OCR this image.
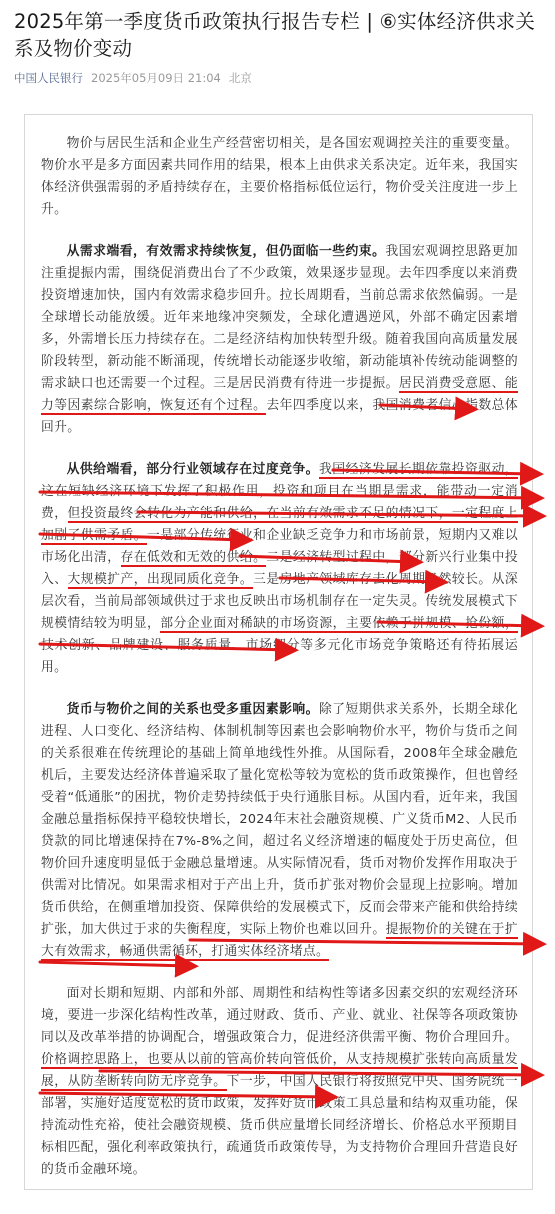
2025年第一季度货币政策执行报告专栏 | ⑥实体经济供求关系及物价变动
中国人民银行 2025年05月09日 21:04 北京

物价与居民生活和企业生产经营密切相关，是各国宏观调控关注的重要变量。物价水平是多方面因素共同作用的结果，根本上由供求关系决定。近年来，我国实体经济供强需弱的矛盾持续存在，主要价格指标低位运行，物价受关注度进一步上升。

从需求端看，有效需求持续恢复，但仍面临一些约束。我国宏观调控思路更加注重提振内需，围绕促消费出台了不少政策，效果逐步显现。去年四季度以来消费投资增速加快，国内有效需求稳步回升。拉长周期看，当前总需求依然偏弱。一是全球增长动能放缓。近年来地缘冲突频发，全球化遭遇逆风，外部不确定因素增多，外需增长压力持续存在。二是经济结构加快转型升级。随着我国向高质量发展阶段转型，新动能不断涌现，传统增长动能逐步收缩，新动能填补传统动能调整的需求缺口也还需要一个过程。三是居民消费有待进一步提振。居民消费受意愿、能力等因素综合影响，恢复还有个过程。去年四季度以来，我国消费者信心指数总体回升。

从供给端看，部分行业领域存在过度竞争。我国经济发展长期依靠投资驱动，这在短缺经济环境下发挥了积极作用，投资和项目在当期是需求，能带动一定消费，但投资最终会转化为产能和供给，在当前有效需求不足的情况下，一定程度上加剧了供需矛盾。一是部分传统行业和企业缺乏竞争力和市场前景，短期内又难以市场化出清，存在低效和无效的供给。二是经济转型过程中，部分新兴行业集中投入、大规模扩产，出现同质化竞争。三是房地产领域库存去化周期仍然较长。从深层次看，当前局部领域供过于求也反映出市场机制存在一定失灵。传统发展模式下规模情结较为明显，部分企业面对稀缺的市场资源，主要依赖于拼规模、抢份额，技术创新、品牌建设、服务质量、市场细分等多元化市场竞争策略还有待拓展运用。

货币与物价之间的关系也受多重因素影响。除了短期供求关系外，长期全球化进程、人口变化、经济结构、体制机制等因素也会影响物价水平，物价与货币之间的关系很难在传统理论的基础上简单地线性外推。从国际看，2008年全球金融危机后，主要发达经济体普遍采取了量化宽松等较为宽松的货币政策操作，但也曾经受着“低通胀”的困扰，物价走势持续低于央行通胀目标。从国内看，近年来，我国金融总量指标保持平稳较快增长，2024年末社会融资规模、广义货币M2、人民币贷款的同比增速保持在7%-8%之间，超过名义经济增速的幅度处于历史高位，但物价回升速度明显低于金融总量增速。从实际情况看，货币对物价发挥作用取决于供需对比情况。如果需求相对于产出上升，货币扩张对物价会显现上拉影响。增加货币供给，在侧重增加投资、保障供给的发展模式下，反而会带来产能和供给持续扩张，加大供过于求的失衡程度，实际上物价也难以回升。提振物价的关键在于扩大有效需求，畅通供需循环，打通实体经济堵点。

面对长期和短期、内部和外部、周期性和结构性等诸多因素交织的宏观经济环境，要进一步深化结构性改革，通过财政、货币、产业、就业、社保等各项政策协同以及改革举措的协调配合，增强政策合力，促进经济供需平衡、物价合理回升。价格调控思路上，也要从以前的管高价转向管低价，从支持规模扩张转向高质量发展，从防垄断转向防无序竞争。下一步，中国人民银行将按照党中央、国务院统一部署，实施好适度宽松的货币政策，发挥好货币政策工具总量和结构双重功能，保持流动性充裕，使社会融资规模、货币供应量增长同经济增长、价格总水平预期目标相匹配，强化利率政策执行，疏通货币政策传导，为支持物价合理回升营造良好的货币金融环境。
